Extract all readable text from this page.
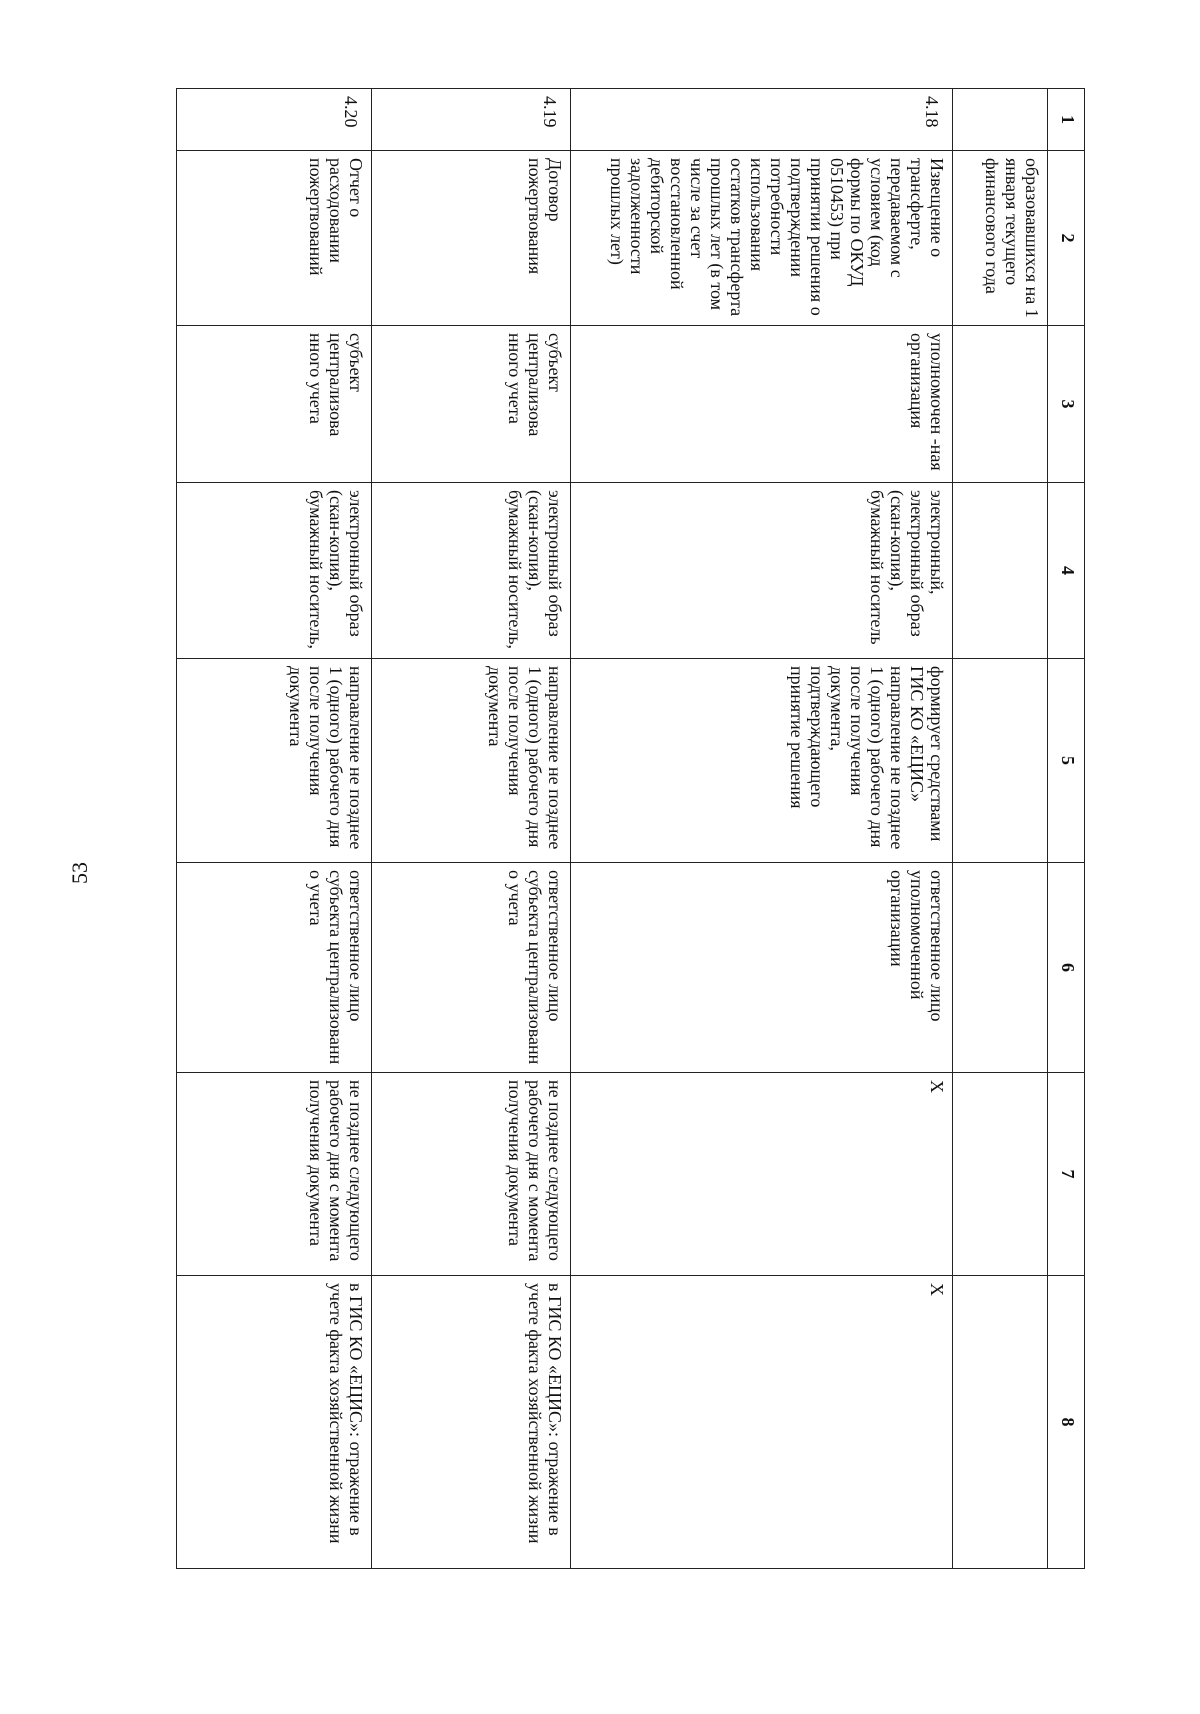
53
1	2	3	4	5	6	7	8
	образовавшихся на 1 января текущего финансового года						
4.18	Извещение о трансферте, передаваемом с условием (код формы по ОКУД 0510453) при принятии решения о подтверждении потребности использования остатков трансферта прошлых лет (в том числе за счет восстановленной дебиторской задолженности прошлых лет)	уполномочен -ная организация	электронный, электронный образ (скан-копия), бумажный носитель	формирует средствами ГИС КО «ЕЦИС» направление не позднее 1 (одного) рабочего дня после получения документа, подтверждающего принятие решения	ответственное лицо уполномоченной организации	Х	Х
4.19	Договор пожертвования	субъект централизова нного учета	электронный образ (скан-копия), бумажный носитель,	направление не позднее 1 (одного) рабочего дня после получения документа	ответственное лицо субъекта централизованн о учета	не позднее следующего рабочего дня с момента получения документа	в ГИС КО «ЕЦИС»: отражение в учете факта хозяйственной жизни
4.20	Отчет о расходовании пожертвований	субъект централизова нного учета	электронный образ (скан-копия), бумажный носитель,	направление не позднее 1 (одного) рабочего дня после получения документа	ответственное лицо субъекта централизованн о учета	не позднее следующего рабочего дня с момента получения документа	в ГИС КО «ЕЦИС»: отражение в учете факта хозяйственной жизни
